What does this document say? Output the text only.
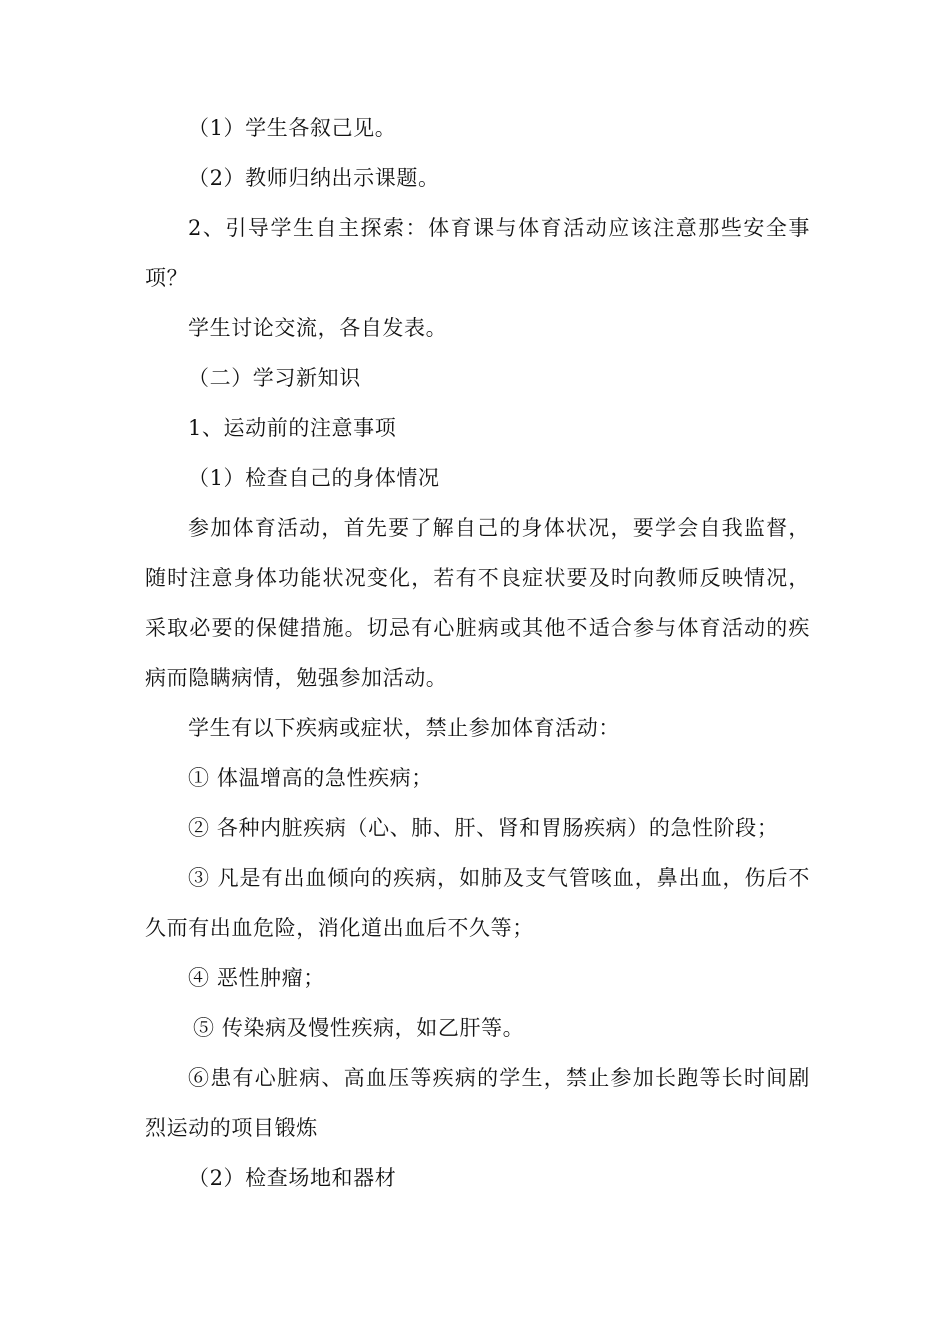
（1）学生各叙己见。

（2）教师归纳出示课题。

2、引导学生自主探索：体育课与体育活动应该注意那些安全事项？

学生讨论交流，各自发表。

（二）学习新知识

1、运动前的注意事项

（1）检查自己的身体情况

参加体育活动，首先要了解自己的身体状况，要学会自我监督，随时注意身体功能状况变化，若有不良症状要及时向教师反映情况，采取必要的保健措施。切忌有心脏病或其他不适合参与体育活动的疾病而隐瞒病情，勉强参加活动。

学生有以下疾病或症状，禁止参加体育活动：

① 体温增高的急性疾病；

② 各种内脏疾病（心、肺、肝、肾和胃肠疾病）的急性阶段；

③ 凡是有出血倾向的疾病，如肺及支气管咳血，鼻出血，伤后不久而有出血危险，消化道出血后不久等；

④ 恶性肿瘤；

⑤ 传染病及慢性疾病，如乙肝等。

⑥患有心脏病、高血压等疾病的学生，禁止参加长跑等长时间剧烈运动的项目锻炼

（2）检查场地和器材
